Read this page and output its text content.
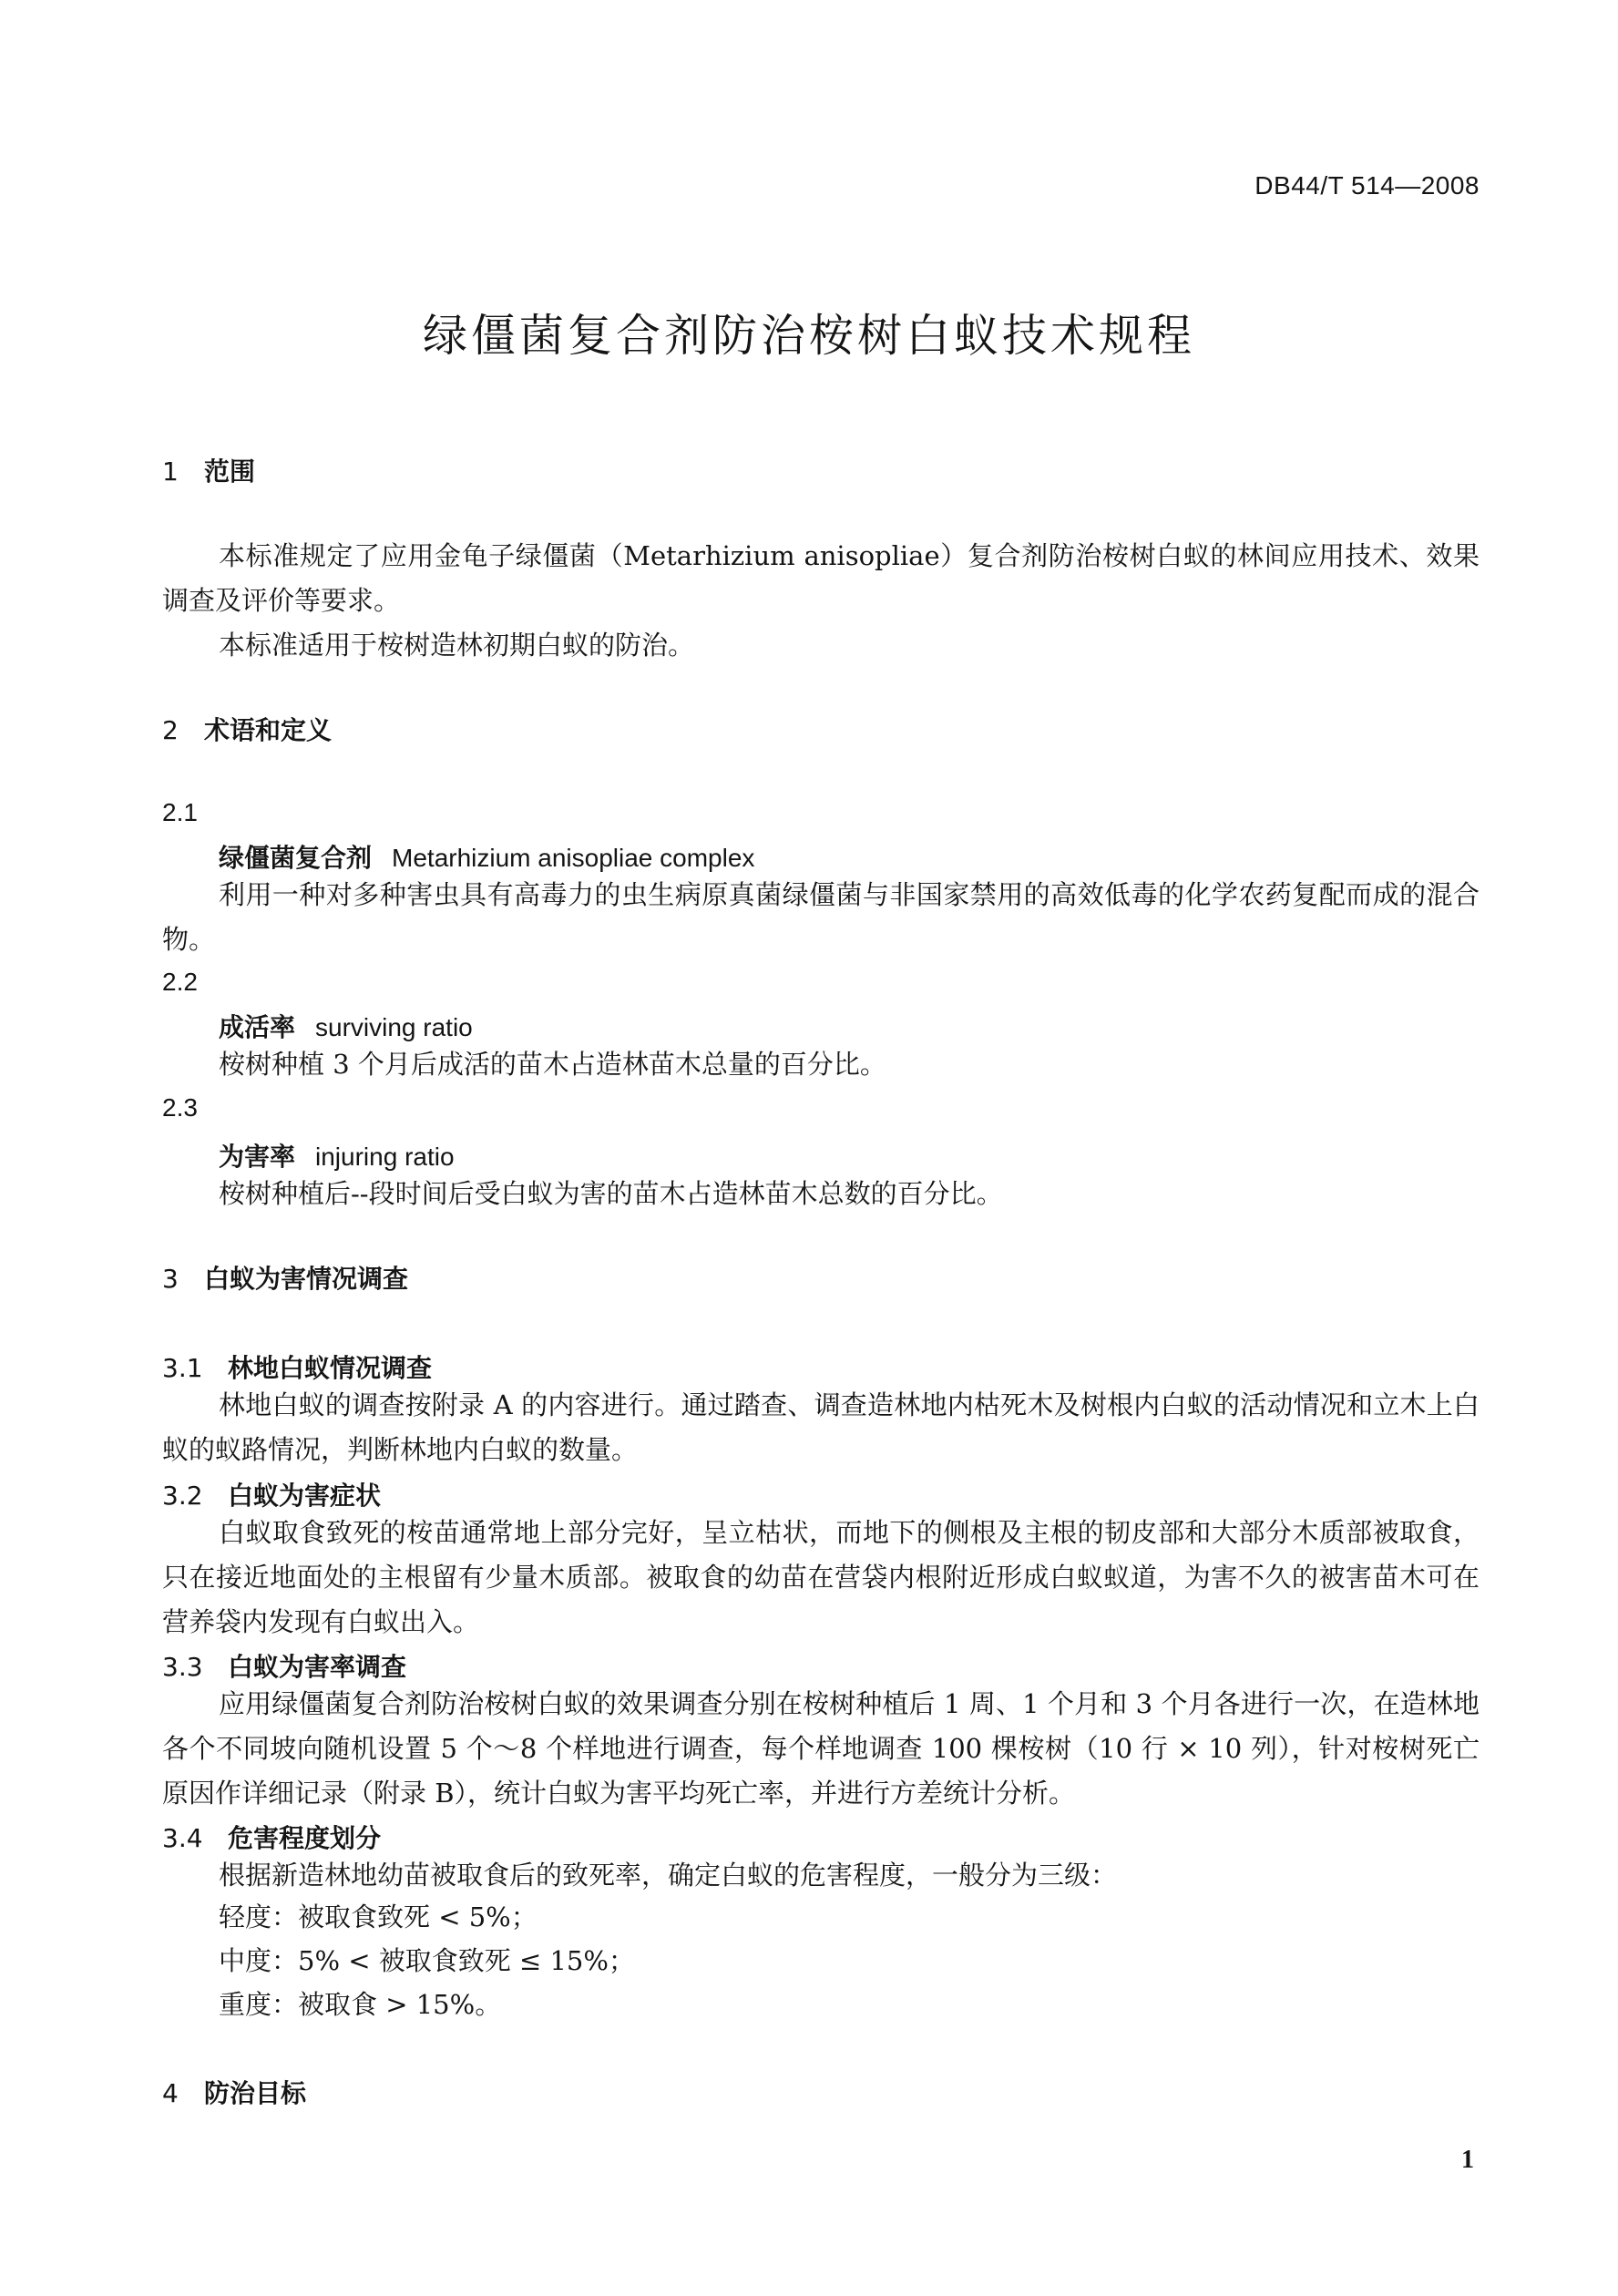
DB44/T 514—2008
绿僵菌复合剂防治桉树白蚁技术规程
1 范围
本标准规定了应用金龟子绿僵菌（Metarhizium anisopliae）复合剂防治桉树白蚁的林间应用技术、效果调查及评价等要求。
本标准适用于桉树造林初期白蚁的防治。
2 术语和定义
2.1
绿僵菌复合剂 Metarhizium anisopliae complex
利用一种对多种害虫具有高毒力的虫生病原真菌绿僵菌与非国家禁用的高效低毒的化学农药复配而成的混合物。
2.2
成活率 surviving ratio
桉树种植 3 个月后成活的苗木占造林苗木总量的百分比。
2.3
为害率 injuring ratio
桉树种植后--段时间后受白蚁为害的苗木占造林苗木总数的百分比。
3 白蚁为害情况调查
3.1 林地白蚁情况调查
林地白蚁的调查按附录 A 的内容进行。通过踏查、调查造林地内枯死木及树根内白蚁的活动情况和立木上白蚁的蚁路情况，判断林地内白蚁的数量。
3.2 白蚁为害症状
白蚁取食致死的桉苗通常地上部分完好，呈立枯状，而地下的侧根及主根的韧皮部和大部分木质部被取食，只在接近地面处的主根留有少量木质部。被取食的幼苗在营袋内根附近形成白蚁蚁道，为害不久的被害苗木可在营养袋内发现有白蚁出入。
3.3 白蚁为害率调查
应用绿僵菌复合剂防治桉树白蚁的效果调查分别在桉树种植后 1 周、1 个月和 3 个月各进行一次，在造林地各个不同坡向随机设置 5 个～8 个样地进行调查，每个样地调查 100 棵桉树（10 行 × 10 列），针对桉树死亡原因作详细记录（附录 B），统计白蚁为害平均死亡率，并进行方差统计分析。
3.4 危害程度划分
根据新造林地幼苗被取食后的致死率，确定白蚁的危害程度，一般分为三级：
轻度：被取食致死 < 5%；
中度：5% < 被取食致死 ≤ 15%；
重度：被取食 > 15%。
4 防治目标
1
